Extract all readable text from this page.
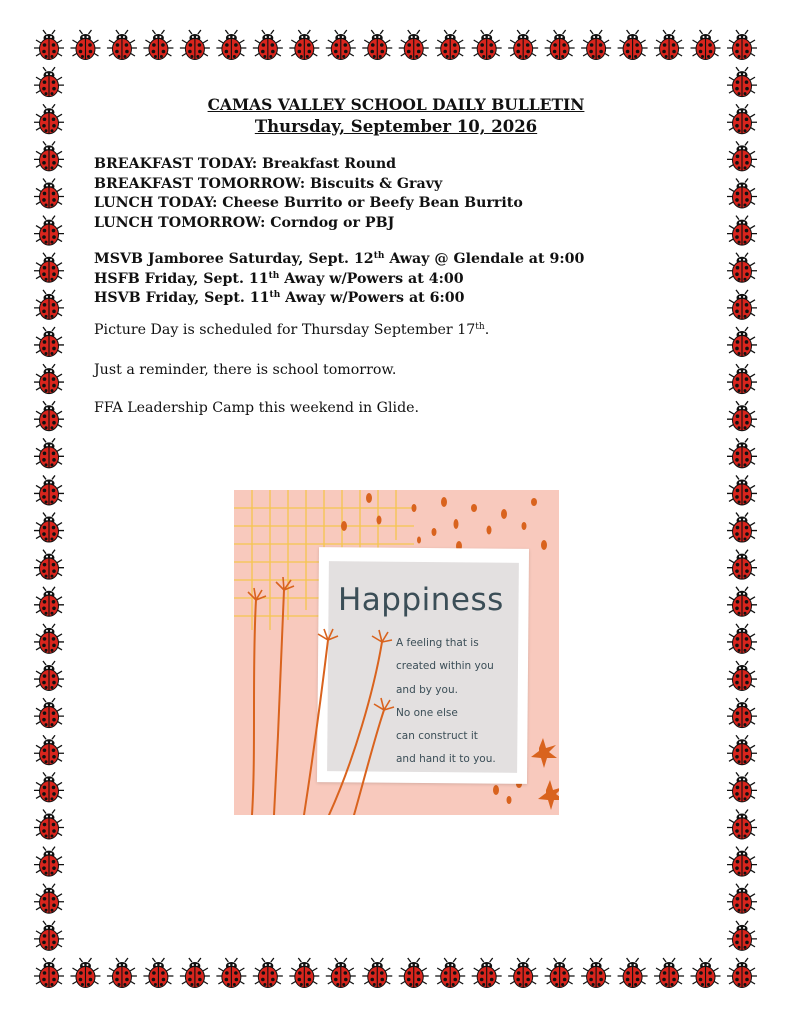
CAMAS VALLEY SCHOOL DAILY BULLETIN
Thursday, September 10, 2026
BREAKFAST TODAY: Breakfast Round
BREAKFAST TOMORROW: Biscuits & Gravy
LUNCH TODAY: Cheese Burrito or Beefy Bean Burrito
LUNCH TOMORROW: Corndog or PBJ
MSVB Jamboree Saturday, Sept. 12th Away @ Glendale at 9:00
HSFB Friday, Sept. 11th Away w/Powers at 4:00
HSVB Friday, Sept. 11th Away w/Powers at 6:00
Picture Day is scheduled for Thursday September 17th.
Just a reminder, there is school tomorrow.
FFA Leadership Camp this weekend in Glide.
Happiness
A feeling that is
created within you
and by you.
No one else
can construct it
and hand it to you.
